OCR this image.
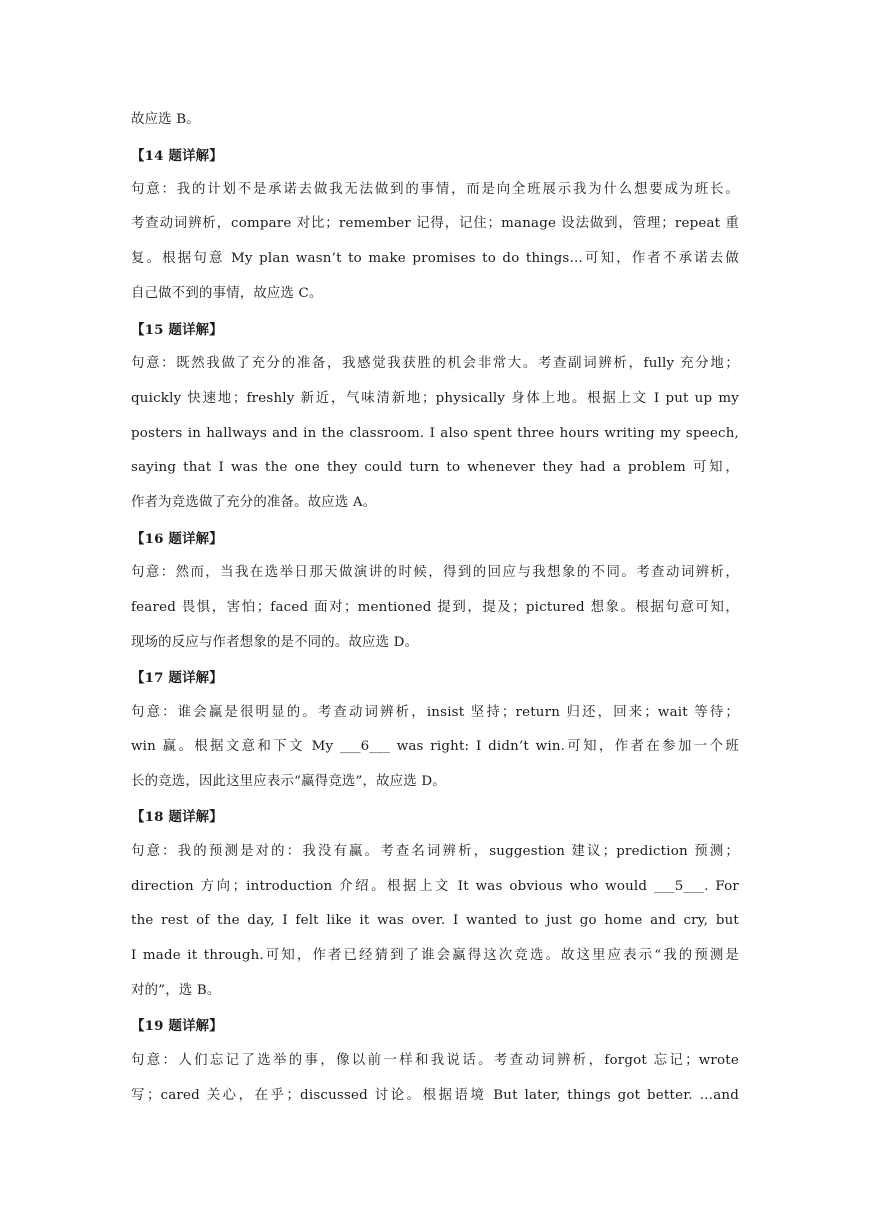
故应选 B。
【14 题详解】
句意：我的计划不是承诺去做我无法做到的事情，而是向全班展示我为什么想要成为班长。
考查动词辨析，compare 对比；remember 记得，记住；manage 设法做到，管理；repeat 重
复。根据句意 My plan wasn’t to make promises to do things…可知，作者不承诺去做
自己做不到的事情，故应选 C。
【15 题详解】
句意：既然我做了充分的准备，我感觉我获胜的机会非常大。考查副词辨析，fully 充分地；
quickly 快速地；freshly 新近，气味清新地；physically 身体上地。根据上文 I put up my
posters in hallways and in the classroom. I also spent three hours writing my speech,
saying that I was the one they could turn to whenever they had a problem 可知，
作者为竞选做了充分的准备。故应选 A。
【16 题详解】
句意：然而，当我在选举日那天做演讲的时候，得到的回应与我想象的不同。考查动词辨析，
feared 畏惧，害怕；faced 面对；mentioned 提到，提及；pictured 想象。根据句意可知，
现场的反应与作者想象的是不同的。故应选 D。
【17 题详解】
句意：谁会赢是很明显的。考查动词辨析，insist 坚持；return 归还，回来；wait 等待；
win 赢。根据文意和下文 My ___6___ was right: I didn’t win.可知，作者在参加一个班
长的竞选，因此这里应表示“赢得竞选”，故应选 D。
【18 题详解】
句意：我的预测是对的：我没有赢。考查名词辨析，suggestion 建议；prediction 预测；
direction 方向；introduction 介绍。根据上文 It was obvious who would ___5___. For
the rest of the day, I felt like it was over. I wanted to just go home and cry, but
I made it through.可知，作者已经猜到了谁会赢得这次竞选。故这里应表示“我的预测是
对的”，选 B。
【19 题详解】
句意：人们忘记了选举的事，像以前一样和我说话。考查动词辨析，forgot 忘记；wrote
写；cared 关心，在乎；discussed 讨论。根据语境 But later, things got better. …and
